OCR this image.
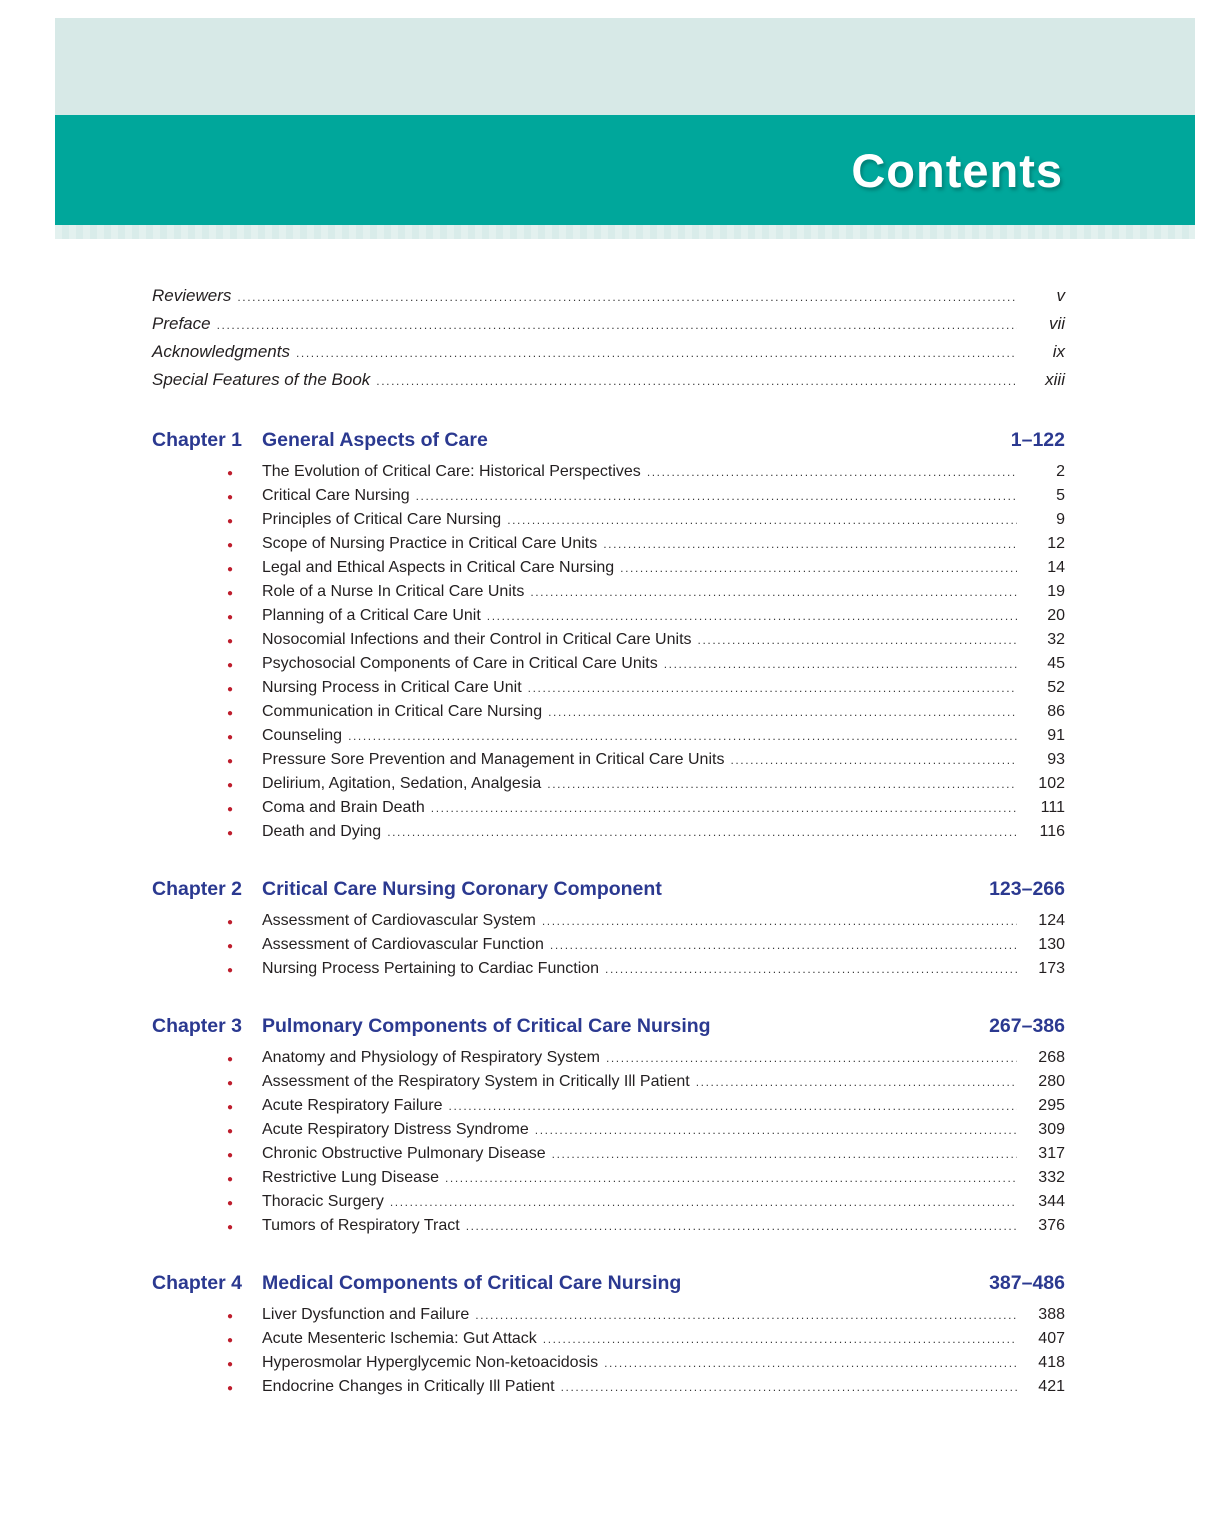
Contents
Reviewers .....	v
Preface .....	vii
Acknowledgments .....	ix
Special Features of the Book .....	xiii
Chapter 1	General Aspects of Care	1–122
●	The Evolution of Critical Care: Historical Perspectives .....	2
●	Critical Care Nursing .....	5
●	Principles of Critical Care Nursing .....	9
●	Scope of Nursing Practice in Critical Care Units .....	12
●	Legal and Ethical Aspects in Critical Care Nursing .....	14
●	Role of a Nurse In Critical Care Units .....	19
●	Planning of a Critical Care Unit .....	20
●	Nosocomial Infections and their Control in Critical Care Units .....	32
●	Psychosocial Components of Care in Critical Care Units .....	45
●	Nursing Process in Critical Care Unit .....	52
●	Communication in Critical Care Nursing .....	86
●	Counseling .....	91
●	Pressure Sore Prevention and Management in Critical Care Units .....	93
●	Delirium, Agitation, Sedation, Analgesia .....	102
●	Coma and Brain Death .....	111
●	Death and Dying .....	116
Chapter 2	Critical Care Nursing Coronary Component	123–266
●	Assessment of Cardiovascular System .....	124
●	Assessment of Cardiovascular Function .....	130
●	Nursing Process Pertaining to Cardiac Function .....	173
Chapter 3	Pulmonary Components of Critical Care Nursing	267–386
●	Anatomy and Physiology of Respiratory System .....	268
●	Assessment of the Respiratory System in Critically Ill Patient .....	280
●	Acute Respiratory Failure .....	295
●	Acute Respiratory Distress Syndrome .....	309
●	Chronic Obstructive Pulmonary Disease .....	317
●	Restrictive Lung Disease .....	332
●	Thoracic Surgery .....	344
●	Tumors of Respiratory Tract .....	376
Chapter 4	Medical Components of Critical Care Nursing	387–486
●	Liver Dysfunction and Failure .....	388
●	Acute Mesenteric Ischemia: Gut Attack .....	407
●	Hyperosmolar Hyperglycemic Non-ketoacidosis .....	418
●	Endocrine Changes in Critically Ill Patient .....	421
